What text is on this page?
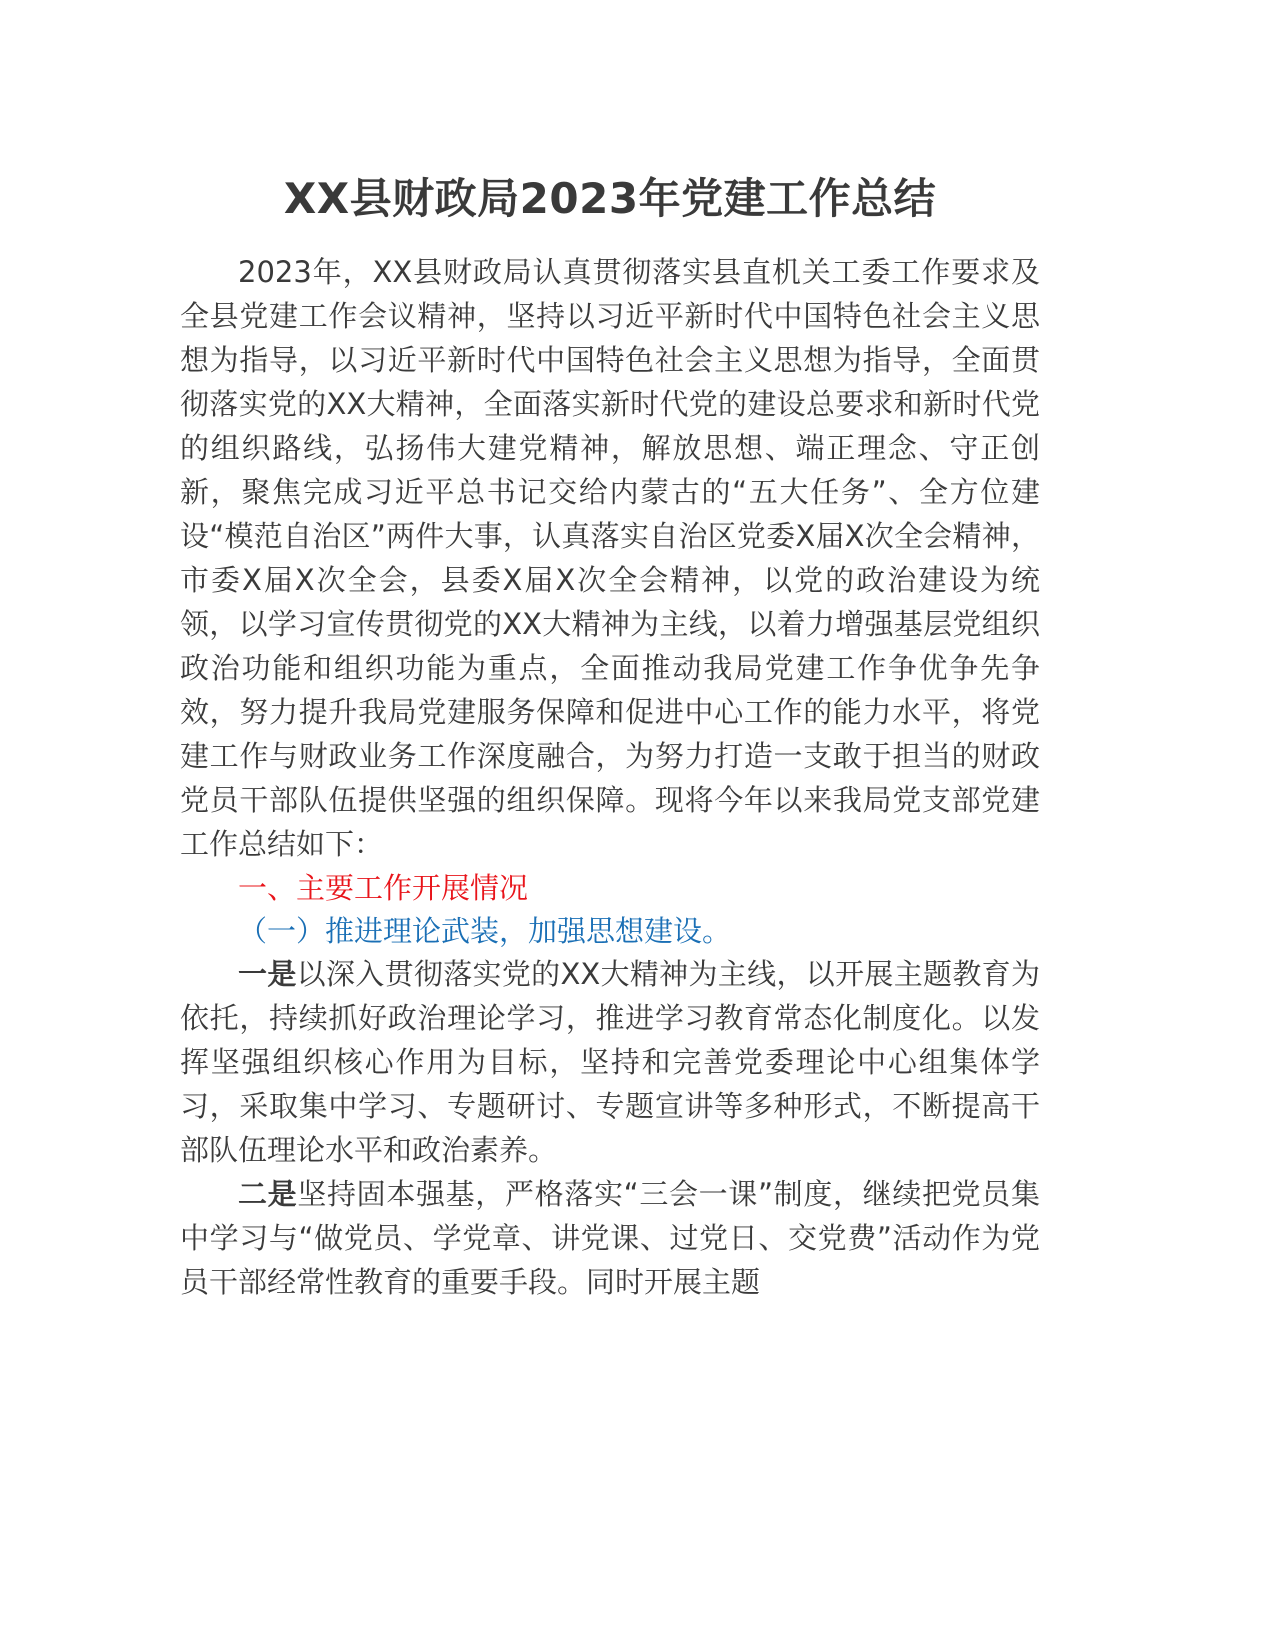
XX县财政局2023年党建工作总结

2023年，XX县财政局认真贯彻落实县直机关工委工作要求及全县党建工作会议精神，坚持以习近平新时代中国特色社会主义思想为指导，以习近平新时代中国特色社会主义思想为指导，全面贯彻落实党的XX大精神，全面落实新时代党的建设总要求和新时代党的组织路线，弘扬伟大建党精神，解放思想、端正理念、守正创新，聚焦完成习近平总书记交给内蒙古的“五大任务”、全方位建设“模范自治区”两件大事，认真落实自治区党委X届X次全会精神，市委X届X次全会，县委X届X次全会精神，以党的政治建设为统领，以学习宣传贯彻党的XX大精神为主线，以着力增强基层党组织政治功能和组织功能为重点，全面推动我局党建工作争优争先争效，努力提升我局党建服务保障和促进中心工作的能力水平，将党建工作与财政业务工作深度融合，为努力打造一支敢于担当的财政党员干部队伍提供坚强的组织保障。现将今年以来我局党支部党建工作总结如下：

一、主要工作开展情况

（一）推进理论武装，加强思想建设。

一是以深入贯彻落实党的XX大精神为主线，以开展主题教育为依托，持续抓好政治理论学习，推进学习教育常态化制度化。以发挥坚强组织核心作用为目标，坚持和完善党委理论中心组集体学习，采取集中学习、专题研讨、专题宣讲等多种形式，不断提高干部队伍理论水平和政治素养。

二是坚持固本强基，严格落实“三会一课”制度，继续把党员集中学习与“做党员、学党章、讲党课、过党日、交党费”活动作为党员干部经常性教育的重要手段。同时开展主题
